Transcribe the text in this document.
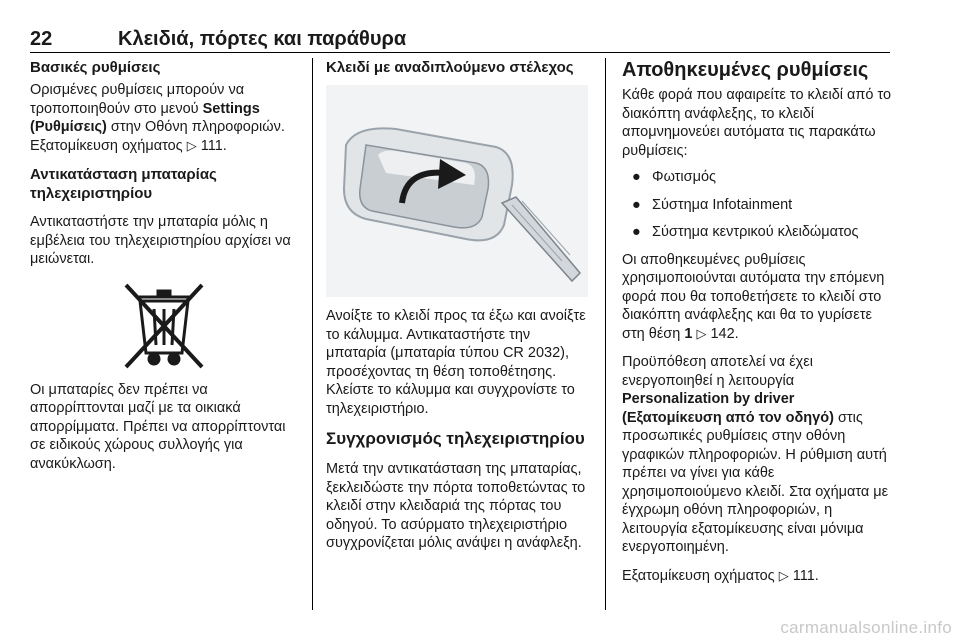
22	Κλειδιά, πόρτες και παράθυρα
Βασικές ρυθμίσεις

Ορισμένες ρυθμίσεις μπορούν να τροποποιηθούν στο μενού Settings (Ρυθμίσεις) στην Οθόνη πληροφοριών. Εξατομίκευση οχήματος ▷ 111.

Αντικατάσταση μπαταρίας τηλεχειριστηρίου

Αντικαταστήστε την μπαταρία μόλις η εμβέλεια του τηλεχειριστηρίου αρχίσει να μειώνεται.

Οι μπαταρίες δεν πρέπει να απορρίπτονται μαζί με τα οικιακά απορρίμματα. Πρέπει να απορρίπτονται σε ειδικούς χώρους συλλογής για ανακύκλωση.

Κλειδί με αναδιπλούμενο στέλεχος

Ανοίξτε το κλειδί προς τα έξω και ανοίξτε το κάλυμμα. Αντικαταστήστε την μπαταρία (μπαταρία τύπου CR 2032), προσέχοντας τη θέση τοποθέτησης. Κλείστε το κάλυμμα και συγχρονίστε το τηλεχειριστήριο.

Συγχρονισμός τηλεχειριστηρίου

Μετά την αντικατάσταση της μπαταρίας, ξεκλειδώστε την πόρτα τοποθετώντας το κλειδί στην κλειδαριά της πόρτας του οδηγού. Το ασύρματο τηλεχειριστήριο συγχρονίζεται μόλις ανάψει η ανάφλεξη.

Αποθηκευμένες ρυθμίσεις

Κάθε φορά που αφαιρείτε το κλειδί από το διακόπτη ανάφλεξης, το κλειδί απομνημονεύει αυτόματα τις παρακάτω ρυθμίσεις:

● Φωτισμός
● Σύστημα Infotainment
● Σύστημα κεντρικού κλειδώματος

Οι αποθηκευμένες ρυθμίσεις χρησιμοποιούνται αυτόματα την επόμενη φορά που θα τοποθετήσετε το κλειδί στο διακόπτη ανάφλεξης και θα το γυρίσετε στη θέση 1 ▷ 142.

Προϋπόθεση αποτελεί να έχει ενεργοποιηθεί η λειτουργία
Personalization by driver (Εξατομίκευση από τον οδηγό) στις προσωπικές ρυθμίσεις στην οθόνη γραφικών πληροφοριών. Η ρύθμιση αυτή πρέπει να γίνει για κάθε χρησιμοποιούμενο κλειδί. Στα οχήματα με έγχρωμη οθόνη πληροφοριών, η λειτουργία εξατομίκευσης είναι μόνιμα ενεργοποιημένη.

Εξατομίκευση οχήματος ▷ 111.

carmanualsonline.info
